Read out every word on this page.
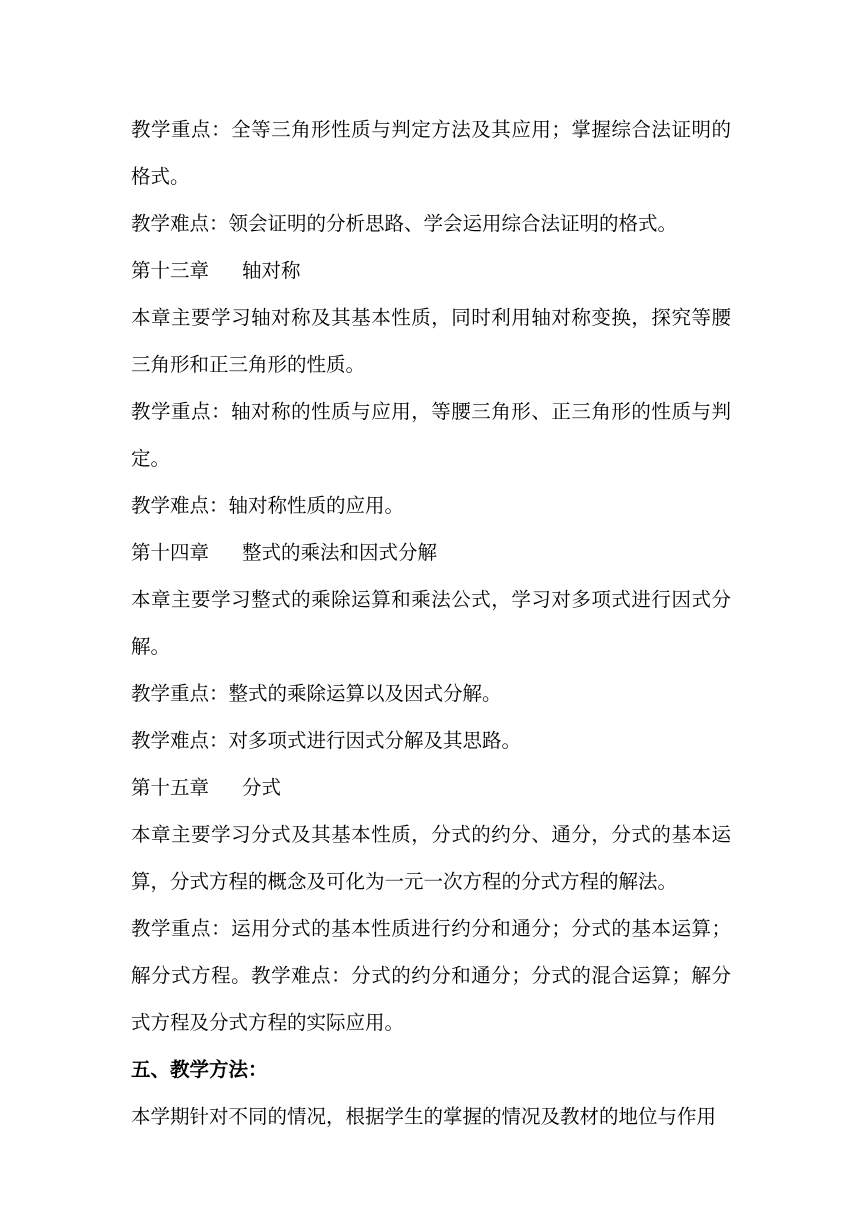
教学重点：全等三角形性质与判定方法及其应用；掌握综合法证明的格式。

教学难点：领会证明的分析思路、学会运用综合法证明的格式。

第十三章 轴对称

本章主要学习轴对称及其基本性质，同时利用轴对称变换，探究等腰三角形和正三角形的性质。

教学重点：轴对称的性质与应用，等腰三角形、正三角形的性质与判定。

教学难点：轴对称性质的应用。

第十四章 整式的乘法和因式分解

本章主要学习整式的乘除运算和乘法公式，学习对多项式进行因式分解。

教学重点：整式的乘除运算以及因式分解。

教学难点：对多项式进行因式分解及其思路。

第十五章 分式

本章主要学习分式及其基本性质，分式的约分、通分，分式的基本运算，分式方程的概念及可化为一元一次方程的分式方程的解法。

教学重点：运用分式的基本性质进行约分和通分；分式的基本运算；解分式方程。教学难点：分式的约分和通分；分式的混合运算；解分式方程及分式方程的实际应用。

五、教学方法：

本学期针对不同的情况，根据学生的掌握的情况及教材的地位与作用
